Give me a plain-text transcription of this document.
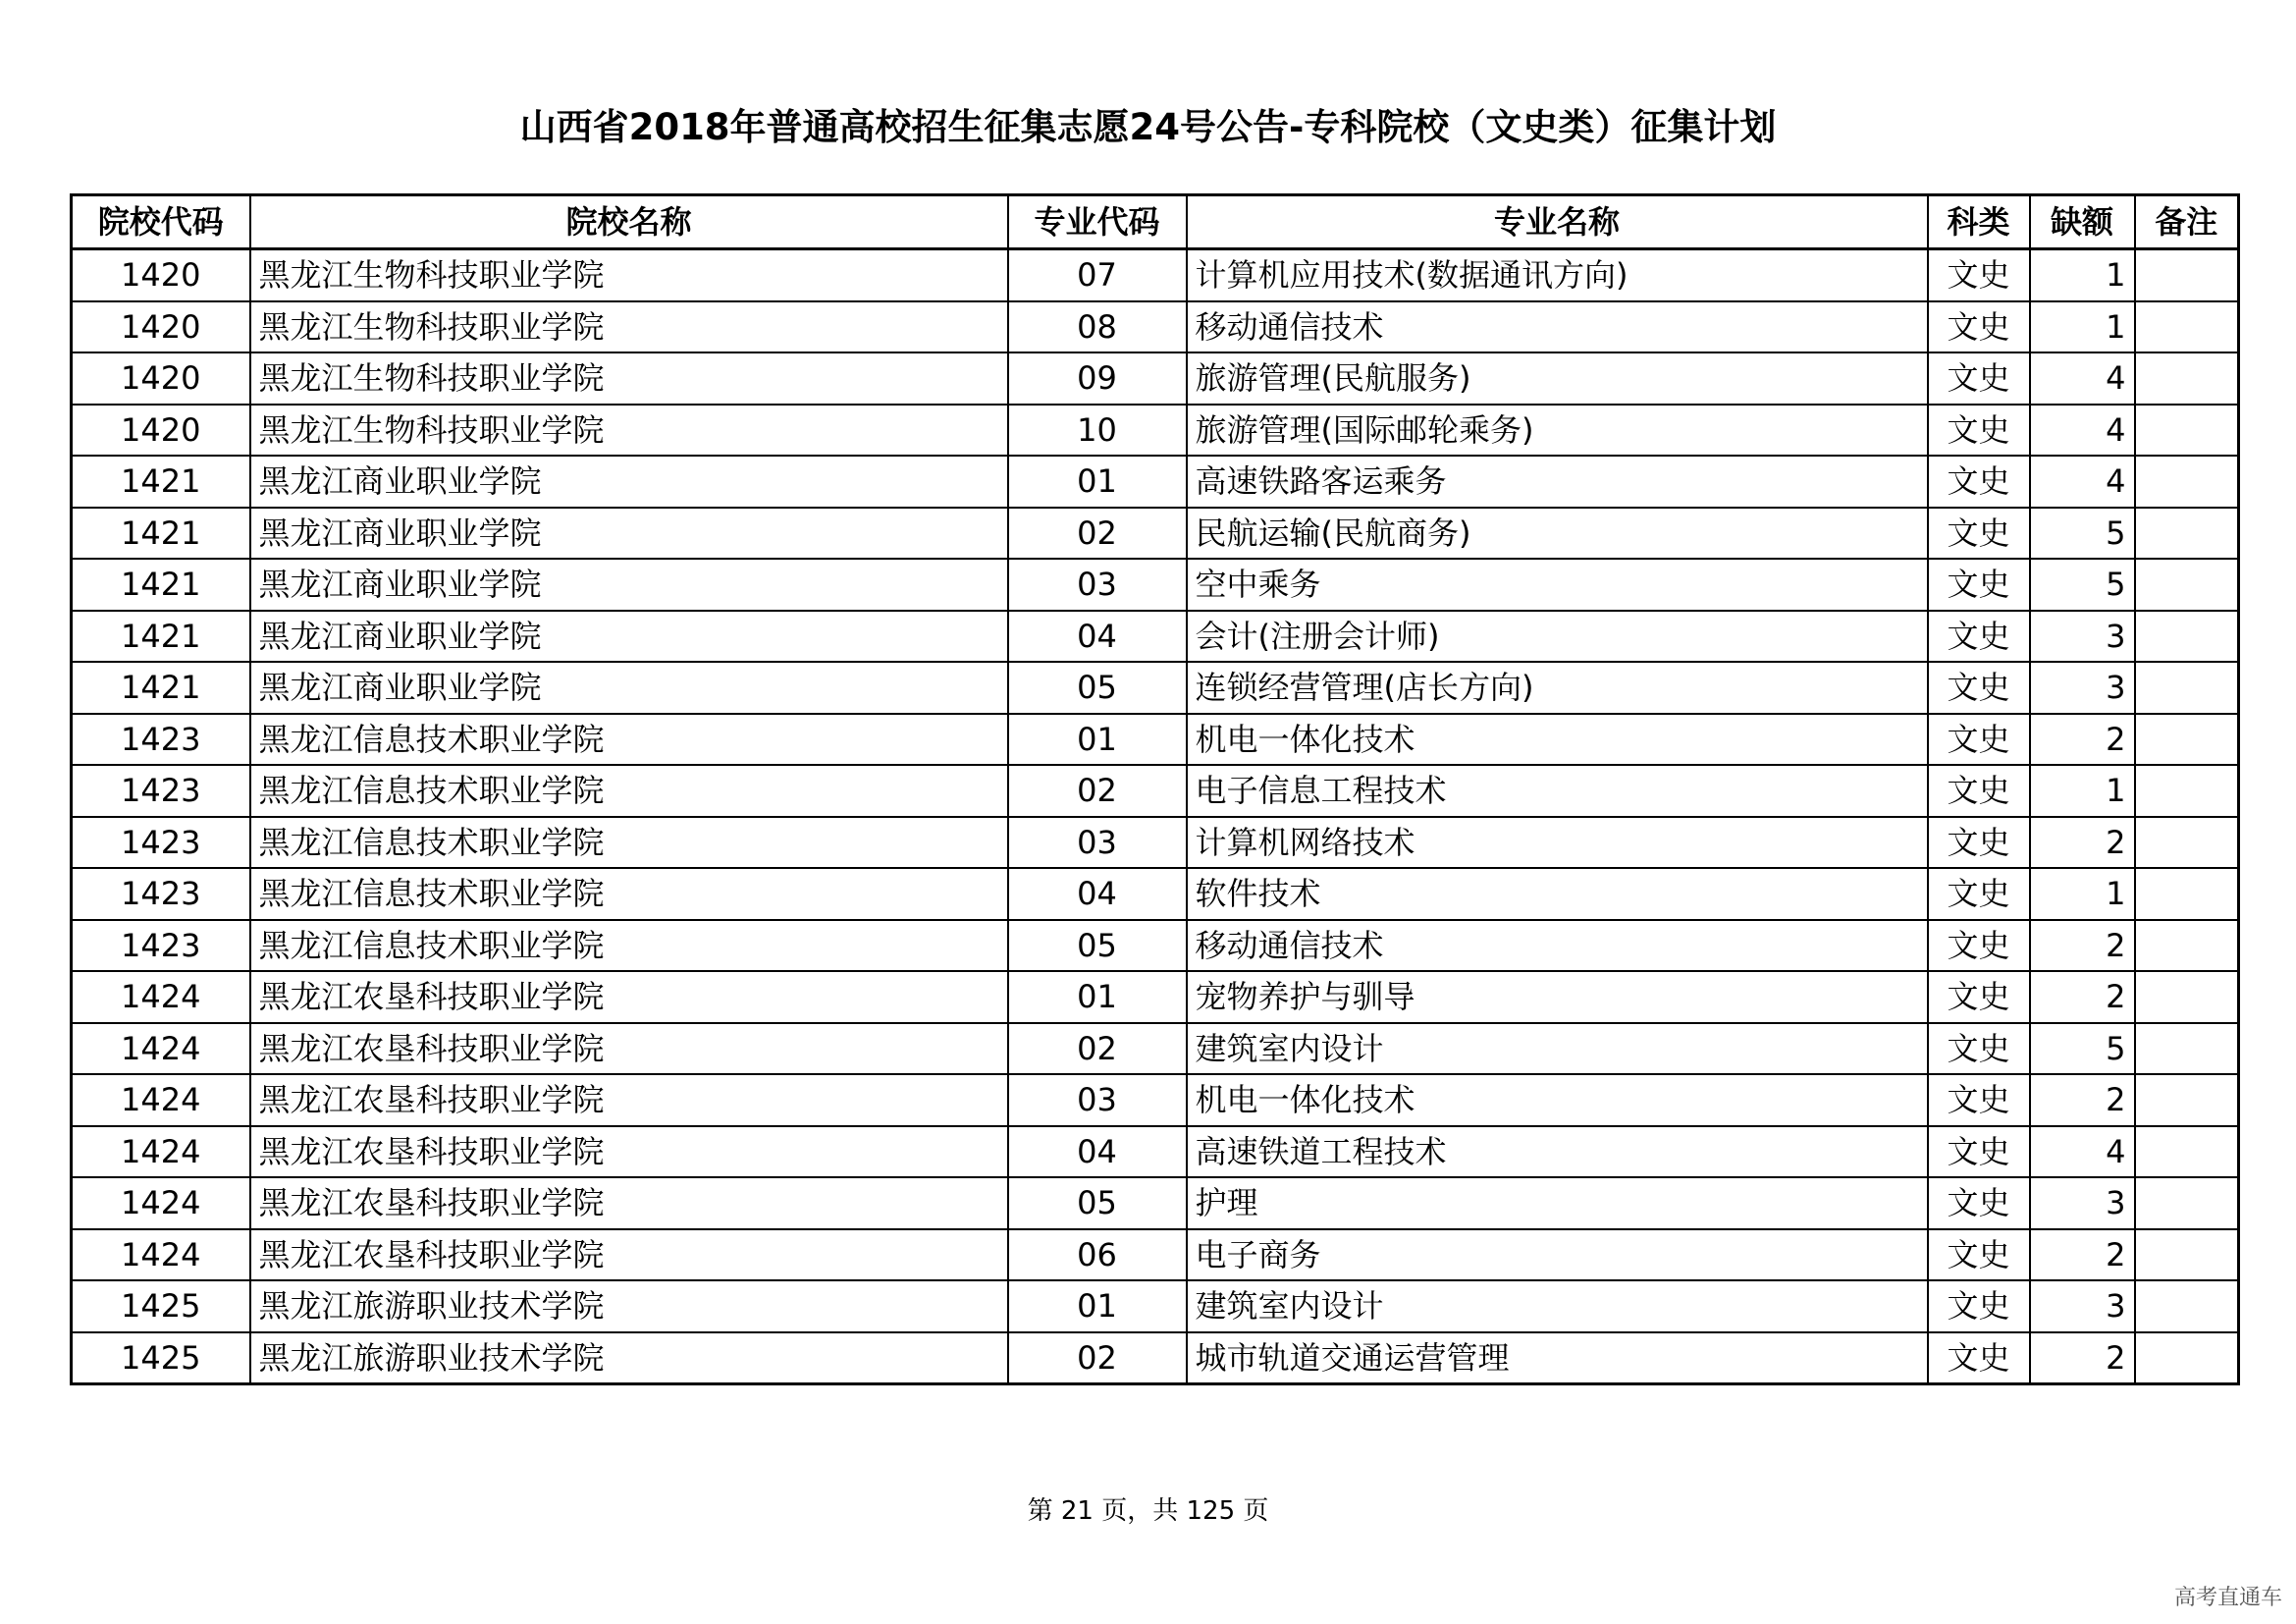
山西省2018年普通高校招生征集志愿24号公告-专科院校（文史类）征集计划
院校代码	院校名称	专业代码	专业名称	科类	缺额	备注
1420	黑龙江生物科技职业学院	07	计算机应用技术(数据通讯方向)	文史	1	
1420	黑龙江生物科技职业学院	08	移动通信技术	文史	1	
1420	黑龙江生物科技职业学院	09	旅游管理(民航服务)	文史	4	
1420	黑龙江生物科技职业学院	10	旅游管理(国际邮轮乘务)	文史	4	
1421	黑龙江商业职业学院	01	高速铁路客运乘务	文史	4	
1421	黑龙江商业职业学院	02	民航运输(民航商务)	文史	5	
1421	黑龙江商业职业学院	03	空中乘务	文史	5	
1421	黑龙江商业职业学院	04	会计(注册会计师)	文史	3	
1421	黑龙江商业职业学院	05	连锁经营管理(店长方向)	文史	3	
1423	黑龙江信息技术职业学院	01	机电一体化技术	文史	2	
1423	黑龙江信息技术职业学院	02	电子信息工程技术	文史	1	
1423	黑龙江信息技术职业学院	03	计算机网络技术	文史	2	
1423	黑龙江信息技术职业学院	04	软件技术	文史	1	
1423	黑龙江信息技术职业学院	05	移动通信技术	文史	2	
1424	黑龙江农垦科技职业学院	01	宠物养护与驯导	文史	2	
1424	黑龙江农垦科技职业学院	02	建筑室内设计	文史	5	
1424	黑龙江农垦科技职业学院	03	机电一体化技术	文史	2	
1424	黑龙江农垦科技职业学院	04	高速铁道工程技术	文史	4	
1424	黑龙江农垦科技职业学院	05	护理	文史	3	
1424	黑龙江农垦科技职业学院	06	电子商务	文史	2	
1425	黑龙江旅游职业技术学院	01	建筑室内设计	文史	3	
1425	黑龙江旅游职业技术学院	02	城市轨道交通运营管理	文史	2	
第 21 页，共 125 页
高考直通车
